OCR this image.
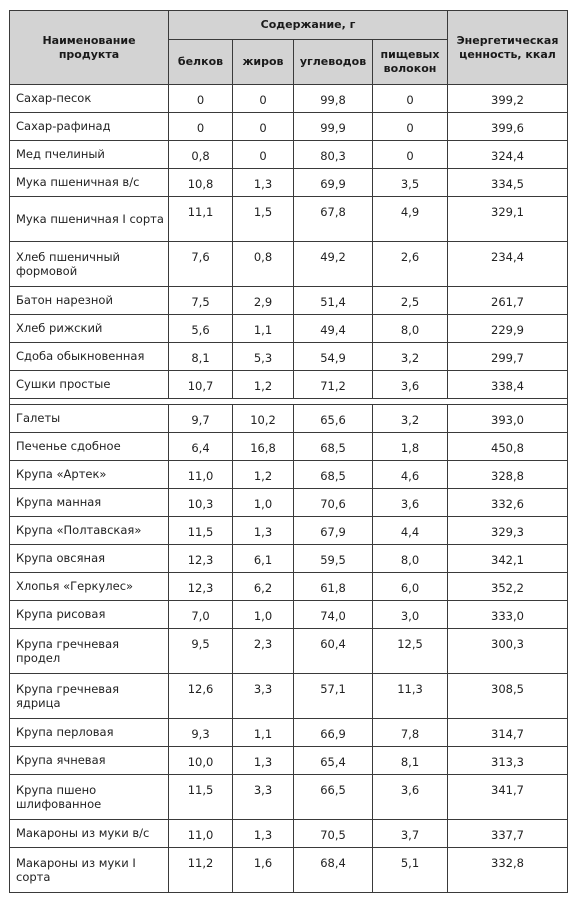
Наименование продукта	Содержание, г				Энергетическая ценность, ккал
	белков	жиров	углеводов	пищевых волокон	
Сахар-песок	0	0	99,8	0	399,2
Сахар-рафинад	0	0	99,9	0	399,6
Мед пчелиный	0,8	0	80,3	0	324,4
Мука пшеничная в/с	10,8	1,3	69,9	3,5	334,5
Мука пшеничная I сорта	11,1	1,5	67,8	4,9	329,1
Хлеб пшеничный формовой	7,6	0,8	49,2	2,6	234,4
Батон нарезной	7,5	2,9	51,4	2,5	261,7
Хлеб рижский	5,6	1,1	49,4	8,0	229,9
Сдоба обыкновенная	8,1	5,3	54,9	3,2	299,7
Сушки простые	10,7	1,2	71,2	3,6	338,4

Галеты	9,7	10,2	65,6	3,2	393,0
Печенье сдобное	6,4	16,8	68,5	1,8	450,8
Крупа «Артек»	11,0	1,2	68,5	4,6	328,8
Крупа манная	10,3	1,0	70,6	3,6	332,6
Крупа «Полтавская»	11,5	1,3	67,9	4,4	329,3
Крупа овсяная	12,3	6,1	59,5	8,0	342,1
Хлопья «Геркулес»	12,3	6,2	61,8	6,0	352,2
Крупа рисовая	7,0	1,0	74,0	3,0	333,0
Крупа гречневая продел	9,5	2,3	60,4	12,5	300,3
Крупа гречневая ядрица	12,6	3,3	57,1	11,3	308,5
Крупа перловая	9,3	1,1	66,9	7,8	314,7
Крупа ячневая	10,0	1,3	65,4	8,1	313,3
Крупа пшено шлифованное	11,5	3,3	66,5	3,6	341,7
Макароны из муки в/с	11,0	1,3	70,5	3,7	337,7
Макароны из муки I сорта	11,2	1,6	68,4	5,1	332,8
